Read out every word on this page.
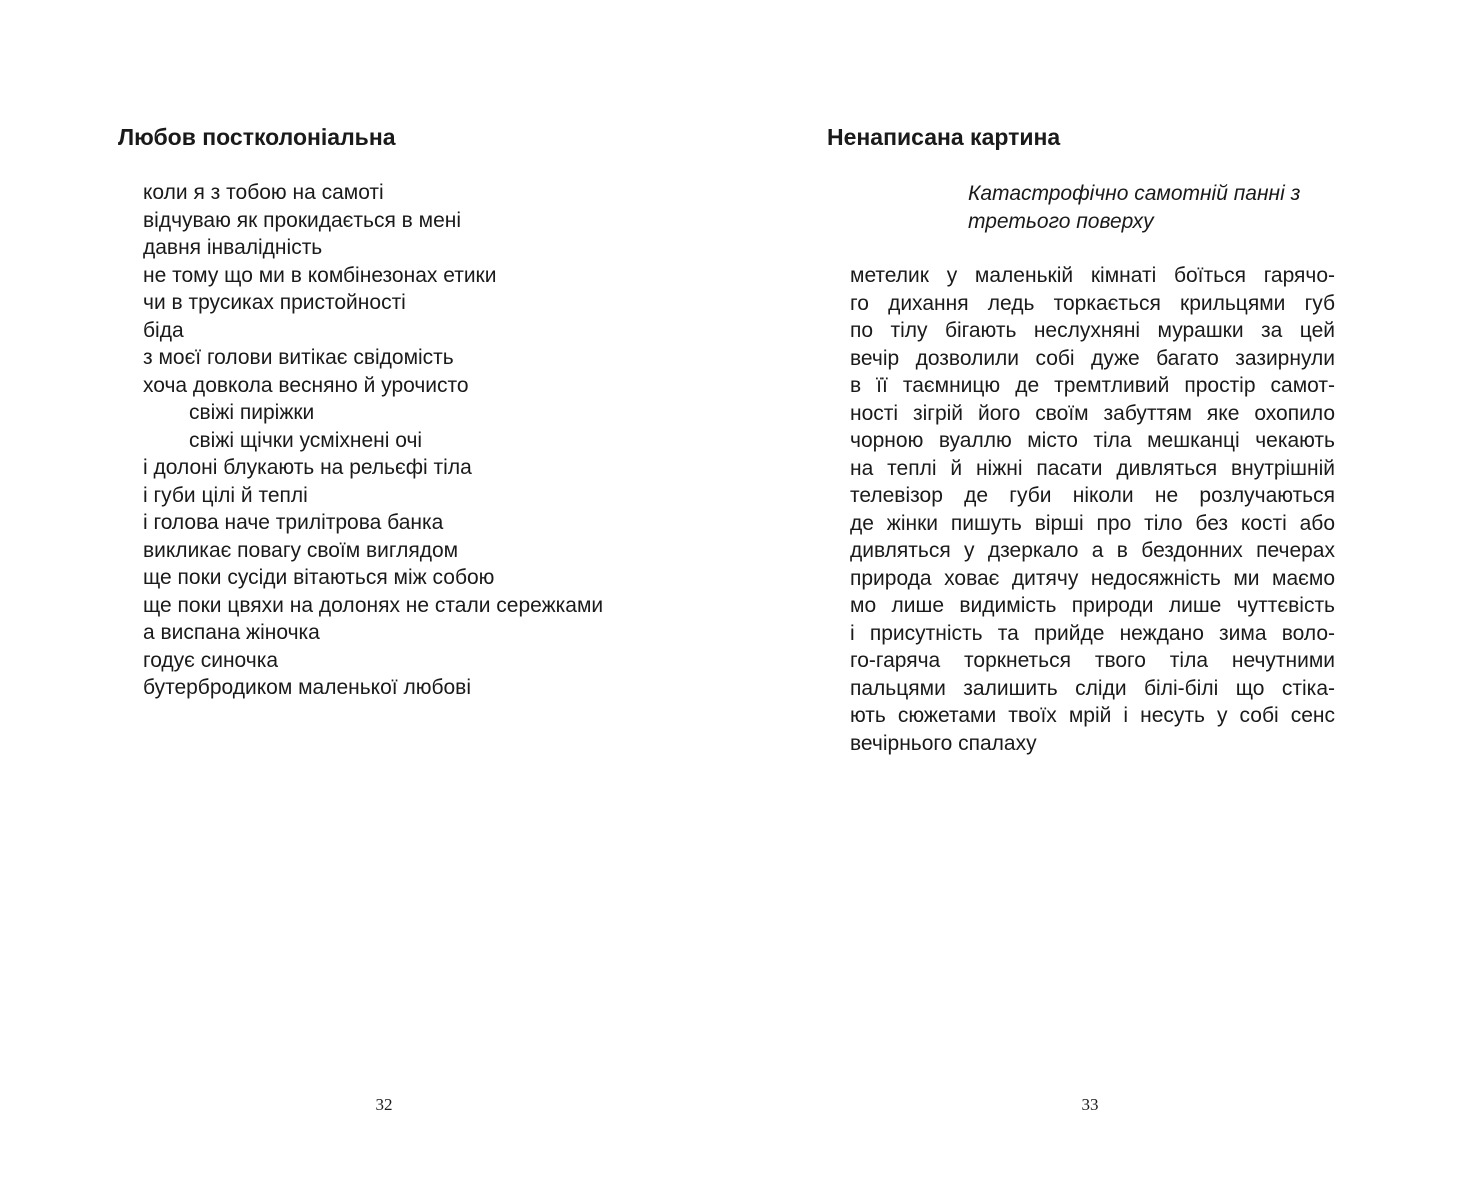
Любов постколоніальна
коли я з тобою на самоті
відчуваю як прокидається в мені
давня інвалідність
не тому що ми в комбінезонах етики
чи в трусиках пристойності
біда
з моєї голови витікає свідомість
хоча довкола весняно й урочисто
свіжі пиріжки
свіжі щічки усміхнені очі
і долоні блукають на рельєфі тіла
і губи цілі й теплі
і голова наче трилітрова банка
викликає повагу своїм виглядом
ще поки сусіди вітаються між собою
ще поки цвяхи на долонях не стали сережками
а виспана жіночка
годує синочка
бутербродиком маленької любові
32
Ненаписана картина
Катастрофічно самотній панні з
третього поверху
метелик у маленькій кімнаті боїться гарячо-
го дихання ледь торкається крильцями губ
по тілу бігають неслухняні мурашки за цей
вечір дозволили собі дуже багато зазирнули
в її таємницю де тремтливий простір самот-
ності зігрій його своїм забуттям яке охопило
чорною вуаллю місто тіла мешканці чекають
на теплі й ніжні пасати дивляться внутрішній
телевізор де губи ніколи не розлучаються
де жінки пишуть вірші про тіло без кості або
дивляться у дзеркало а в бездонних печерах
природа ховає дитячу недосяжність ми маємо
мо лише видимість природи лише чуттєвість
і присутність та прийде неждано зима воло-
го-гаряча торкнеться твого тіла нечутними
пальцями залишить сліди білі-білі що стіка-
ють сюжетами твоїх мрій і несуть у собі сенс
вечірнього спалаху
33
